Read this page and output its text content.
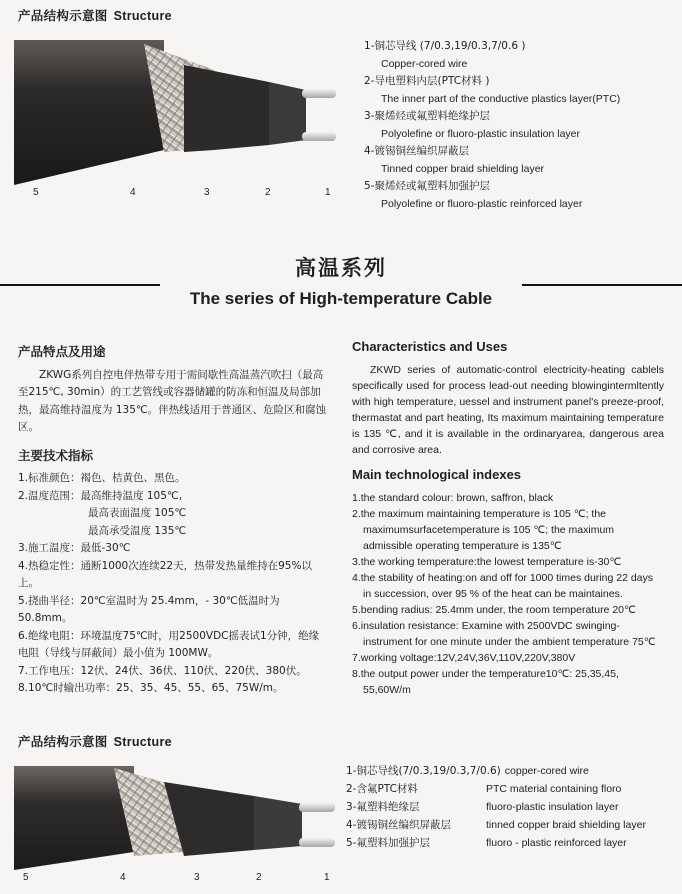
产品结构示意图 Structure
5	4	3	2	1
1-铜芯导线 (7/0.3,19/0.3,7/0.6 )
Copper-cored wire
2-导电塑料内层(PTC材料 )
The inner part of the conductive plastics layer(PTC)
3-聚烯烃或氟塑料绝缘护层
Polyolefine or fluoro-plastic insulation layer
4-镀锡铜丝编织屏蔽层
Tinned copper braid shielding layer
5-聚烯烃或氟塑料加强护层
Polyolefine or fluoro-plastic reinforced layer
高温系列
The series of High-temperature Cable
产品特点及用途

ZKWG系列自控电伴热带专用于需间歇性高温蒸汽吹扫（最高至215℃, 30min）的工艺管线或容器储罐的防冻和恒温及局部加热，最高维持温度为 135℃。伴热线适用于普通区、危险区和腐蚀区。

主要技术指标
1.标准颜色：褐色、桔黄色、黑色。
2.温度范围：最高维持温度 105℃,
最高表面温度 105℃
最高承受温度 135℃
3.施工温度：最低-30℃
4.热稳定性：通断1000次连续22天，热带发热量维持在95%以上。
5.挠曲半径：20℃室温时为 25.4mm，- 30℃低温时为50.8mm。
6.绝缘电阻：环境温度75℃时，用2500VDC摇表试1分钟，绝缘电阻（导线与屏蔽间）最小值为 100MW。
7.工作电压：12伏、24伏、36伏、110伏、220伏、380伏。
8.10℃时输出功率：25、35、45、55、65、75W/m。
Characteristics and Uses

ZKWD series of automatic-control electricity-heating cablels specifically used for process lead-out needing blowingintermltently with high temperature, uessel and instrument panel's preeze-proof, thermastat and part heating, Its maximum maintaining temperature is 135 ℃, and it is available in the ordinaryarea, dangerous area and corrosive area.

Main technological indexes
1.the standard colour: brown, saffron, black
2.the maximum maintaining temperature is 105 ℃; the maximumsurfacetemperature is 105 ℃; the maximum admissible operating temperature is 135℃
3.the working temperature:the lowest temperature is-30℃
4.the stability of heating:on and off for 1000 times during 22 days in succession, over 95 % of the heat can be maintaines.
5.bending radius: 25.4mm under, the room temperature 20℃
6.insulation resistance: Examine with 2500VDC swinging-instrument for one minute under the ambient temperature 75℃
7.working voltage:12V,24V,36V,110V,220V,380V
8.the output power under the temperature10℃: 25,35,45, 55,60W/m
产品结构示意图 Structure
5	4	3	2	1
1-铜芯导线(7/0.3,19/0.3,7/0.6) copper-cored wire
2-含氟PTC材料	PTC material containing floro
3-氟塑料绝缘层	fluoro-plastic insulation layer
4-镀锡铜丝编织屏蔽层	tinned copper braid shielding layer
5-氟塑料加强护层	fluoro - plastic reinforced layer
